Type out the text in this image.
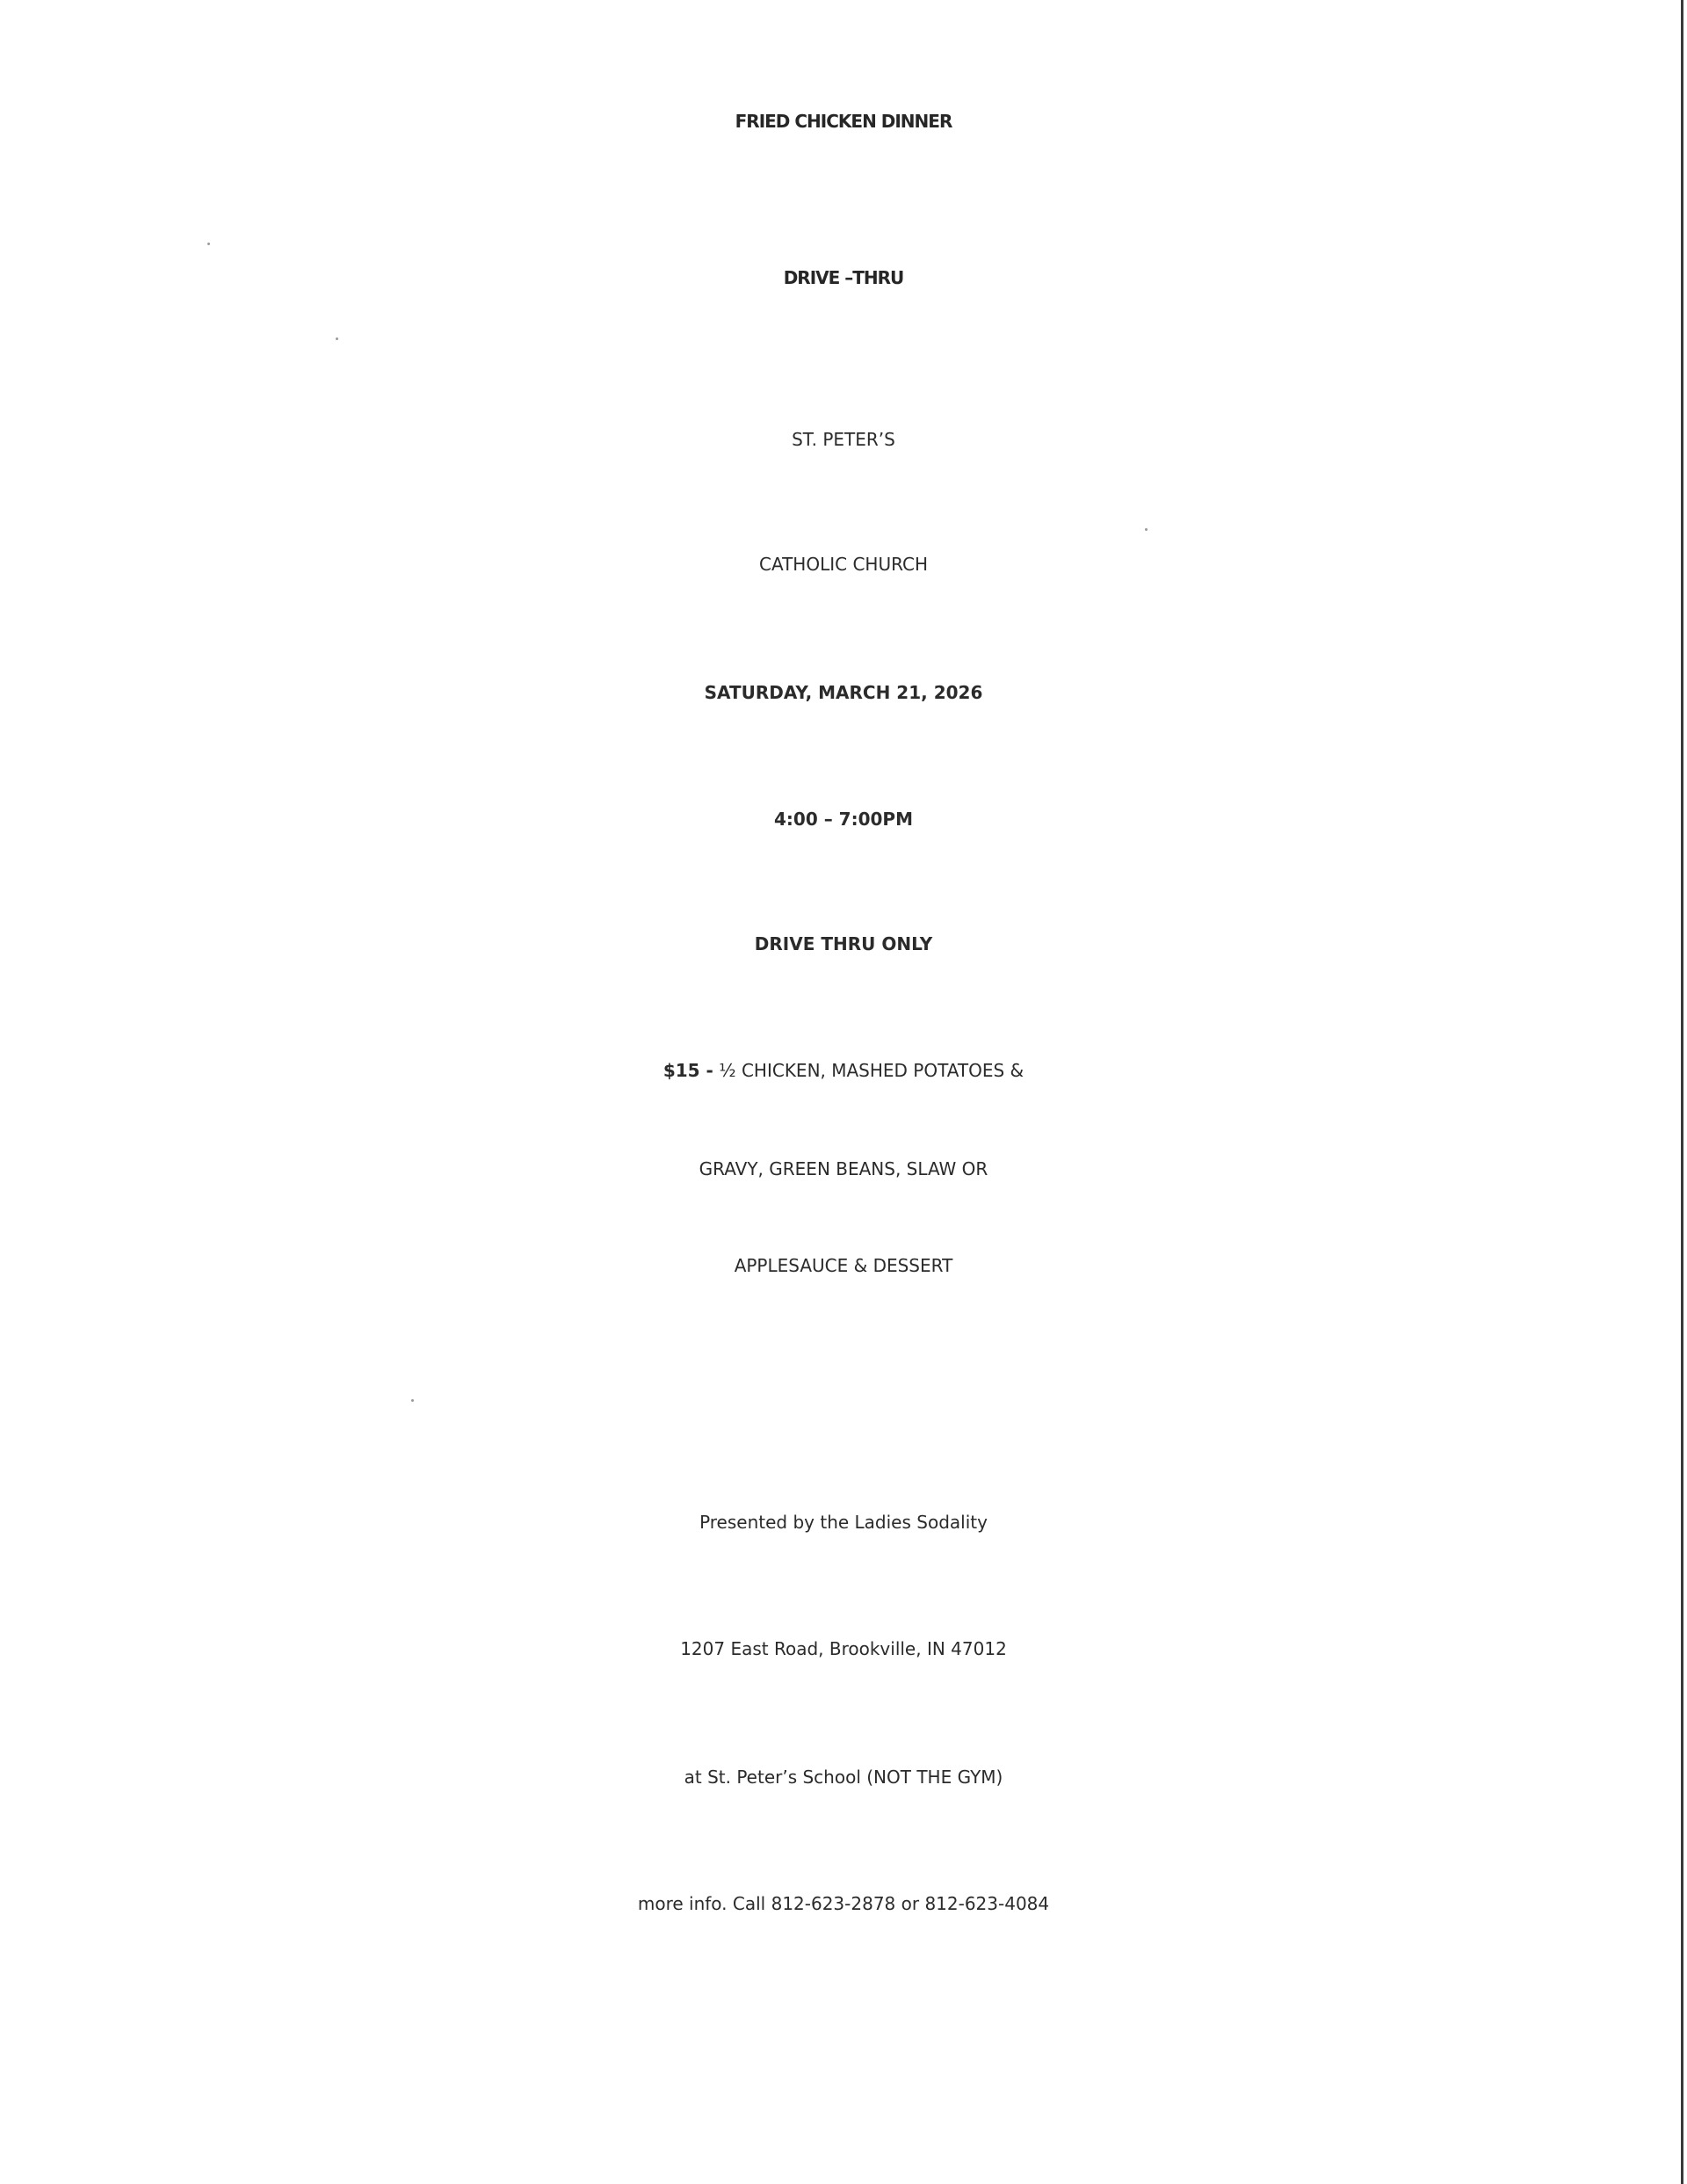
FRIED CHICKEN DINNER
DRIVE –THRU
ST. PETER’S
CATHOLIC CHURCH
SATURDAY, MARCH 21, 2026
4:00 – 7:00PM
DRIVE THRU ONLY
$15 - ½ CHICKEN, MASHED POTATOES &
GRAVY, GREEN BEANS, SLAW OR
APPLESAUCE & DESSERT
Presented by the Ladies Sodality
1207 East Road, Brookville, IN 47012
at St. Peter’s School (NOT THE GYM)
more info. Call 812-623-2878 or 812-623-4084
